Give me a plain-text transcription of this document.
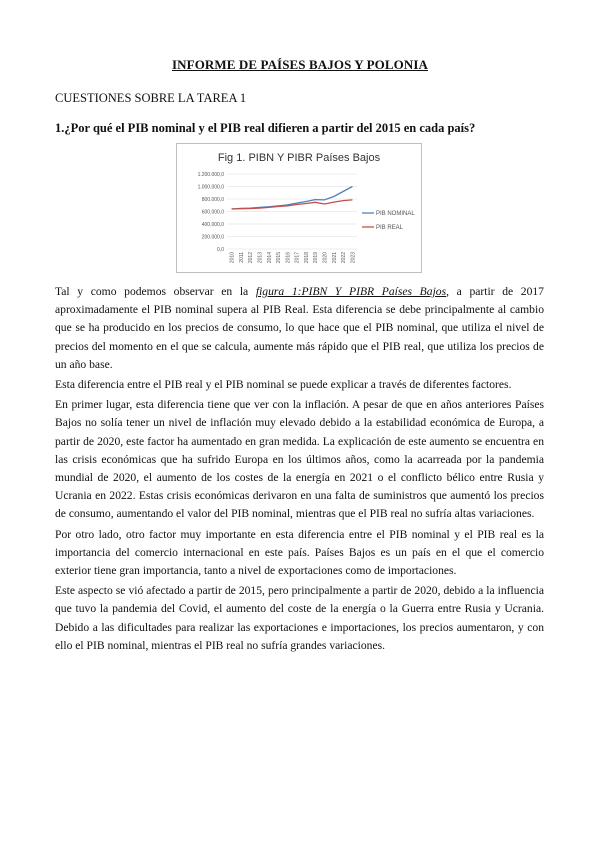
INFORME DE PAÍSES BAJOS Y POLONIA
CUESTIONES SOBRE LA TAREA 1
1.¿Por qué el PIB nominal y el PIB real difieren a partir del 2015 en cada país?
Fig 1. PIBN Y PIBR Países Bajos
0,0
200.000,0
400.000,0
600.000,0
800.000,0
1.000.000,0
1.200.000,0
2010 2011 2012 2013 2014 2015 2016 2017 2018 2019 2020 2021 2022 2023
PIB NOMINAL
PIB REAL

Tal y como podemos observar en la figura 1:PIBN Y PIBR Países Bajos, a partir de 2017 aproximadamente el PIB nominal supera al PIB Real. Esta diferencia se debe principalmente al cambio que se ha producido en los precios de consumo, lo que hace que el PIB nominal, que utiliza el nivel de precios del momento en el que se calcula, aumente más rápido que el PIB real, que utiliza los precios de un año base.

Esta diferencia entre el PIB real y el PIB nominal se puede explicar a través de diferentes factores.

En primer lugar, esta diferencia tiene que ver con la inflación. A pesar de que en años anteriores Países Bajos no solía tener un nivel de inflación muy elevado debido a la estabilidad económica de Europa, a partir de 2020, este factor ha aumentado en gran medida. La explicación de este aumento se encuentra en las crisis económicas que ha sufrido Europa en los últimos años, como la acarreada por la pandemia mundial de 2020, el aumento de los costes de la energía en 2021 o el conflicto bélico entre Rusia y Ucrania en 2022. Estas crisis económicas derivaron en una falta de suministros que aumentó los precios de consumo, aumentando el valor del PIB nominal, mientras que el PIB real no sufría altas variaciones.

Por otro lado, otro factor muy importante en esta diferencia entre el PIB nominal y el PIB real es la importancia del comercio internacional en este país. Países Bajos es un país en el que el comercio exterior tiene gran importancia, tanto a nivel de exportaciones como de importaciones.

Este aspecto se vió afectado a partir de 2015, pero principalmente a partir de 2020, debido a la influencia que tuvo la pandemia del Covid, el aumento del coste de la energía o la Guerra entre Rusia y Ucrania. Debido a las dificultades para realizar las exportaciones e importaciones, los precios aumentaron, y con ello el PIB nominal, mientras el PIB real no sufría grandes variaciones.
